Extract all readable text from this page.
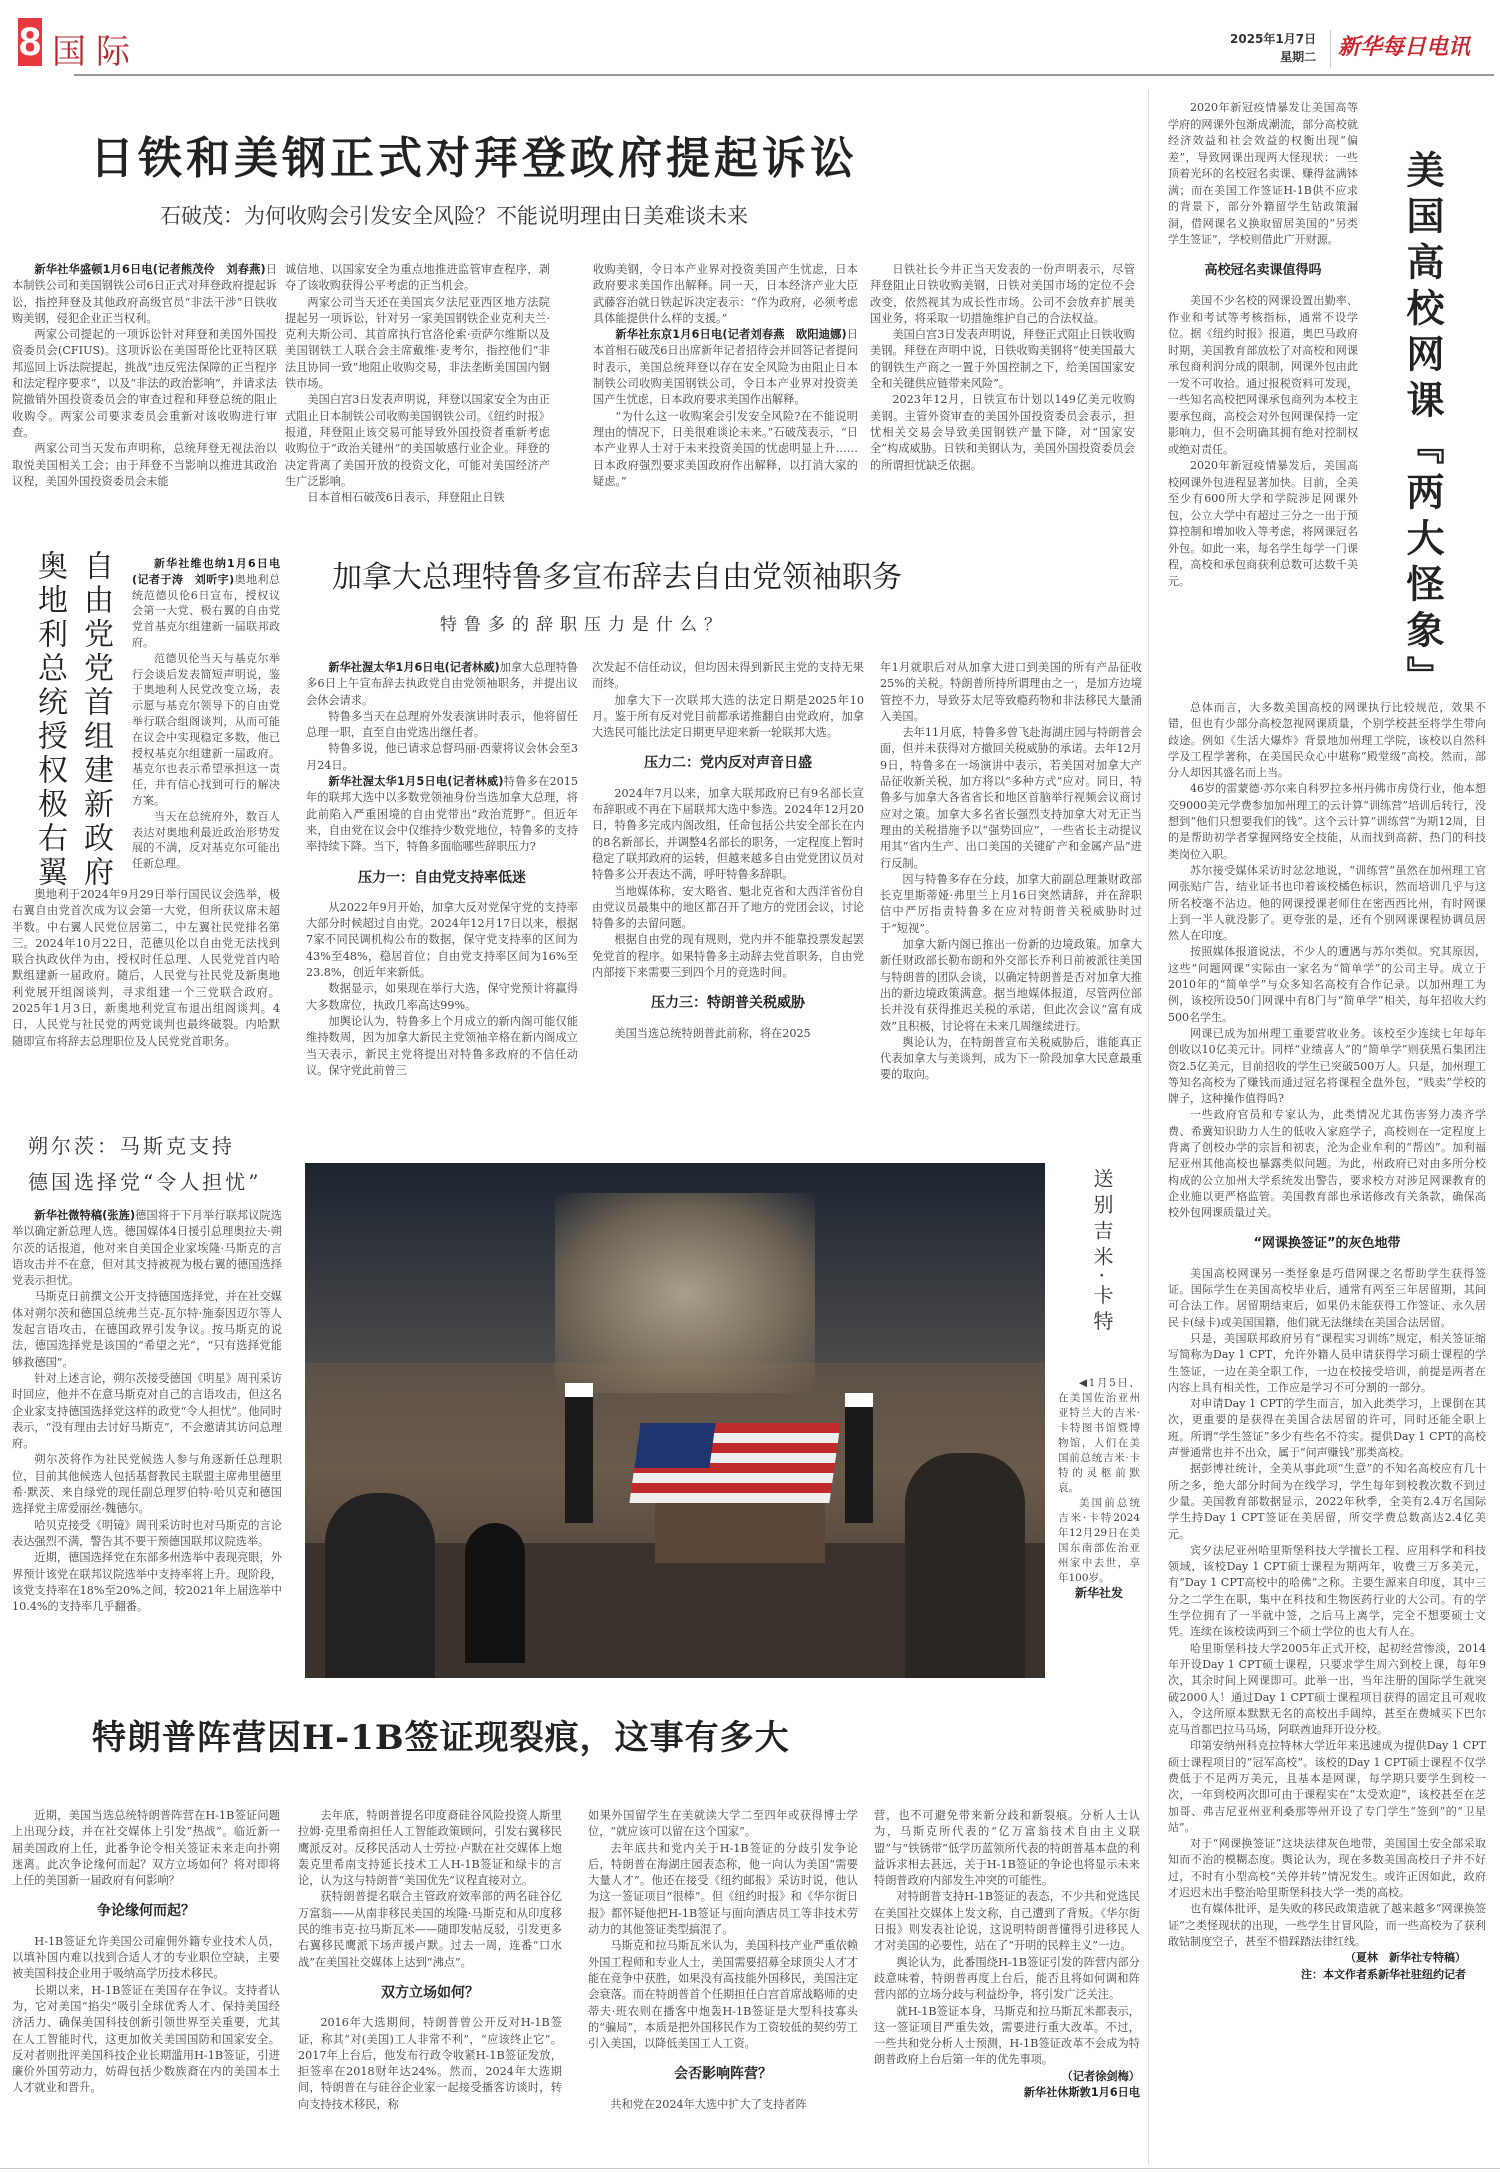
8 国际	2025年1月7日
星期二 新华每日电讯
日铁和美钢正式对拜登政府提起诉讼
石破茂：为何收购会引发安全风险？不能说明理由日美难谈未来

新华社华盛顿1月6日电(记者熊茂伶　刘春燕)日本制铁公司和美国钢铁公司6日正式对拜登政府提起诉讼，指控拜登及其他政府高级官员“非法干涉”日铁收购美钢，侵犯企业正当权利。

两家公司提起的一项诉讼针对拜登和美国外国投资委员会(CFIUS)。这项诉讼在美国哥伦比亚特区联邦巡回上诉法院提起，挑战“违反宪法保障的正当程序和法定程序要求”，以及“非法的政治影响”，并请求法院撤销外国投资委员会的审查过程和拜登总统的阻止收购令。两家公司要求委员会重新对该收购进行审查。

两家公司当天发布声明称，总统拜登无视法治以取悦美国相关工会；由于拜登不当影响以推进其政治议程，美国外国投资委员会未能

诚信地、以国家安全为重点地推进监管审查程序，剥夺了该收购获得公平考虑的正当机会。

两家公司当天还在美国宾夕法尼亚西区地方法院提起另一项诉讼，针对另一家美国钢铁企业克利夫兰·克利夫斯公司、其首席执行官洛伦索·贡萨尔维斯以及美国钢铁工人联合会主席戴维·麦考尔，指控他们“非法且协同一致”地阻止收购交易，非法垄断美国国内钢铁市场。

美国白宫3日发表声明说，拜登以国家安全为由正式阻止日本制铁公司收购美国钢铁公司。《纽约时报》报道，拜登阻止该交易可能导致外国投资者重新考虑收购位于“政治关键州”的美国敏感行业企业。拜登的决定背离了美国开放的投资文化，可能对美国经济产生广泛影响。

日本首相石破茂6日表示，拜登阻止日铁

收购美钢，令日本产业界对投资美国产生忧虑，日本政府要求美国作出解释。同一天，日本经济产业大臣武藤容治就日铁起诉决定表示：“作为政府，必须考虑具体能提供什么样的支援。”

新华社东京1月6日电(记者刘春燕　欧阳迪娜)日本首相石破茂6日出席新年记者招待会并回答记者提问时表示，美国总统拜登以存在安全风险为由阻止日本制铁公司收购美国钢铁公司，令日本产业界对投资美国产生忧虑，日本政府要求美国作出解释。

“为什么这一收购案会引发安全风险?在不能说明理由的情况下，日美很难谈论未来。”石破茂表示，“日本产业界人士对于未来投资美国的忧虑明显上升……日本政府强烈要求美国政府作出解释，以打消大家的疑虑。”

日铁社长今井正当天发表的一份声明表示，尽管拜登阻止日铁收购美钢，日铁对美国市场的定位不会改变，依然视其为成长性市场。公司不会放弃扩展美国业务，将采取一切措施维护自己的合法权益。

美国白宫3日发表声明说，拜登正式阻止日铁收购美钢。拜登在声明中说，日铁收购美钢将“使美国最大的钢铁生产商之一置于外国控制之下，给美国国家安全和关键供应链带来风险”。

2023年12月，日铁宣布计划以149亿美元收购美钢。主管外资审查的美国外国投资委员会表示，担忧相关交易会导致美国钢铁产量下降，对“国家安全”构成威胁。日铁和美钢认为，美国外国投资委员会的所谓担忧缺乏依据。

奥地利总统授权极右翼 自由党党首组建新政府	新华社维也纳1月6日电(记者于涛　刘昕宇)奥地利总统范德贝伦6日宣布，授权议会第一大党、极右翼的自由党党首基克尔组建新一届联邦政府。

范德贝伦当天与基克尔举行会谈后发表简短声明说，鉴于奥地利人民党改变立场，表示愿与基克尔领导下的自由党举行联合组阁谈判，从而可能在议会中实现稳定多数，他已授权基克尔组建新一届政府。基克尔也表示希望承担这一责任，并有信心找到可行的解决方案。

当天在总统府外，数百人表达对奥地利最近政治形势发展的不满，反对基克尔可能出任新总理。

奥地利于2024年9月29日举行国民议会选举，极右翼自由党首次成为议会第一大党，但所获议席未超半数。中右翼人民党位居第二，中左翼社民党排名第三。2024年10月22日，范德贝伦以自由党无法找到联合执政伙伴为由，授权时任总理、人民党党首内哈默组建新一届政府。随后，人民党与社民党及新奥地利党展开组阁谈判，寻求组建一个三党联合政府。2025年1月3日，新奥地利党宣布退出组阁谈判。4日，人民党与社民党的两党谈判也最终破裂。内哈默随即宣布将辞去总理职位及人民党党首职务。

加拿大总理特鲁多宣布辞去自由党领袖职务
特鲁多的辞职压力是什么？

新华社渥太华1月6日电(记者林威)加拿大总理特鲁多6日上午宣布辞去执政党自由党领袖职务，并提出议会休会请求。

特鲁多当天在总理府外发表演讲时表示，他将留任总理一职，直至自由党选出继任者。

特鲁多说，他已请求总督玛丽·西蒙将议会休会至3月24日。

新华社渥太华1月5日电(记者林威)特鲁多在2015年的联邦大选中以多数党领袖身份当选加拿大总理，将此前陷入严重困境的自由党带出“政治荒野”。但近年来，自由党在议会中仅维持少数党地位，特鲁多的支持率持续下降。当下，特鲁多面临哪些辞职压力?

压力一：自由党支持率低迷

从2022年9月开始，加拿大反对党保守党的支持率大部分时候超过自由党。2024年12月17日以来，根据7家不同民调机构公布的数据，保守党支持率的区间为43%至48%，稳居首位；自由党支持率区间为16%至23.8%，创近年来新低。

数据显示，如果现在举行大选，保守党预计将赢得大多数席位，执政几率高达99%。

加舆论认为，特鲁多上个月成立的新内阁可能仅能维持数周，因为加拿大新民主党领袖辛格在新内阁成立当天表示，新民主党将提出对特鲁多政府的不信任动议。保守党此前曾三

次发起不信任动议，但均因未得到新民主党的支持无果而终。

加拿大下一次联邦大选的法定日期是2025年10月。鉴于所有反对党目前都承诺推翻自由党政府，加拿大选民可能比法定日期更早迎来新一轮联邦大选。

压力二：党内反对声音日盛

2024年7月以来，加拿大联邦政府已有9名部长宣布辞职或不再在下届联邦大选中参选。2024年12月20日，特鲁多完成内阁改组，任命包括公共安全部长在内的8名新部长，并调整4名部长的职务，一定程度上暂时稳定了联邦政府的运转，但越来越多自由党党团议员对特鲁多公开表达不满，呼吁特鲁多辞职。

当地媒体称，安大略省、魁北克省和大西洋省份自由党议员最集中的地区都召开了地方的党团会议，讨论特鲁多的去留问题。

根据自由党的现有规则，党内并不能靠投票发起罢免党首的程序。如果特鲁多主动辞去党首职务，自由党内部接下来需要三到四个月的竞选时间。

压力三：特朗普关税威胁

美国当选总统特朗普此前称，将在2025

年1月就职后对从加拿大进口到美国的所有产品征收25%的关税。特朗普所持所谓理由之一，是加方边境管控不力，导致芬太尼等致瘾药物和非法移民大量涌入美国。

去年11月底，特鲁多曾飞赴海湖庄园与特朗普会面，但并未获得对方撤回关税威胁的承诺。去年12月9日，特鲁多在一场演讲中表示，若美国对加拿大产品征收新关税，加方将以“多种方式”应对。同日，特鲁多与加拿大各省省长和地区首脑举行视频会议商讨应对之策。加拿大多名省长强烈支持加拿大对无正当理由的关税措施予以“强势回应”，一些省长主动提议用其“省内生产、出口美国的关键矿产和金属产品”进行反制。

因与特鲁多存在分歧，加拿大前副总理兼财政部长克里斯蒂娅·弗里兰上月16日突然请辞，并在辞职信中严厉指责特鲁多在应对特朗普关税威胁时过于“短视”。

加拿大新内阁已推出一份新的边境政策。加拿大新任财政部长勒布朗和外交部长乔利日前被派往美国与特朗普的团队会谈，以确定特朗普是否对加拿大推出的新边境政策满意。据当地媒体报道，尽管两位部长并没有获得推迟关税的承诺，但此次会议“富有成效”且积极，讨论将在未来几周继续进行。

舆论认为，在特朗普宣布关税威胁后，谁能真正代表加拿大与美谈判，成为下一阶段加拿大民意最重要的取向。

朔尔茨：马斯克支持
德国选择党“令人担忧”

新华社微特稿(张旌)德国将于下月举行联邦议院选举以确定新总理人选。德国媒体4日援引总理奥拉夫·朔尔茨的话报道，他对来自美国企业家埃隆·马斯克的言语攻击并不在意，但对其支持被视为极右翼的德国选择党表示担忧。

马斯克日前撰文公开支持德国选择党，并在社交媒体对朔尔茨和德国总统弗兰克-瓦尔特·施泰因迈尔等人发起言语攻击，在德国政界引发争议。按马斯克的说法，德国选择党是该国的“希望之光”，“只有选择党能够救德国”。

针对上述言论，朔尔茨接受德国《明星》周刊采访时回应，他并不在意马斯克对自己的言语攻击，但这名企业家支持德国选择党这样的政党“令人担忧”。他同时表示，“没有理由去讨好马斯克”，不会邀请其访问总理府。

朔尔茨将作为社民党候选人参与角逐新任总理职位，目前其他候选人包括基督教民主联盟主席弗里德里希·默茨、来自绿党的现任副总理罗伯特·哈贝克和德国选择党主席爱丽丝·魏德尔。

哈贝克接受《明镜》周刊采访时也对马斯克的言论表达强烈不满，警告其不要干预德国联邦议院选举。

近期，德国选择党在东部多州选举中表现亮眼，外界预计该党在联邦议院选举中支持率将上升。现阶段，该党支持率在18%至20%之间，较2021年上届选举中10.4%的支持率几乎翻番。

送别吉米·卡特

◀1月5日，在美国佐治亚州亚特兰大的吉米·卡特图书馆暨博物馆，人们在美国前总统吉米·卡特的灵柩前默哀。

美国前总统吉米·卡特2024年12月29日在美国东南部佐治亚州家中去世，享年100岁。

新华社发

美国高校网课『两大怪象』

2020年新冠疫情暴发让美国高等学府的网课外包渐成潮流，部分高校就经济效益和社会效益的权衡出现“偏差”，导致网课出现两大怪现状：一些顶着光环的名校冠名卖课、赚得盆满钵满；而在美国工作签证H-1B供不应求的背景下，部分外籍留学生钻政策漏洞，借网课名义换取留居美国的“另类学生签证”，学校则借此广开财源。

高校冠名卖课值得吗

美国不少名校的网课设置出勤率、作业和考试等考核指标，通常不设学位。据《纽约时报》报道，奥巴马政府时期，美国教育部放松了对高校和网课承包商利润分成的限制，网课外包由此一发不可收拾。通过报税资料可发现，一些知名高校把网课承包商列为本校主要承包商，高校会对外包网课保持一定影响力，但不会明确其拥有绝对控制权或绝对责任。

2020年新冠疫情暴发后，美国高校网课外包进程显著加快。目前，全美至少有600所大学和学院涉足网课外包，公立大学中有超过三分之一出于预算控制和增加收入等考虑，将网课冠名外包。如此一来，每名学生每学一门课程，高校和承包商获利总数可达数千美元。

总体而言，大多数美国高校的网课执行比较规范，效果不错，但也有少部分高校忽视网课质量，个别学校甚至将学生带向歧途。例如《生活大爆炸》背景地加州理工学院，该校以自然科学及工程学著称，在美国民众心中堪称“殿堂级”高校。然而，部分人却因其盛名而上当。

46岁的雷蒙德·苏尔来自科罗拉多州丹佛市房贷行业，他本想交9000美元学费参加加州理工的云计算“训练营”培训后转行，没想到“他们只想要我们的钱”。这个云计算“训练营”为期12周，目的是帮助初学者掌握网络安全技能，从而找到高薪、热门的科技类岗位入职。

苏尔接受媒体采访时忿忿地说，“训练营”虽然在加州理工官网张贴广告，结业证书也印着该校橘色标识，然而培训几乎与这所名校毫不沾边。他的网课授课老师住在密西西比州，有时网课上到一半人就没影了。更夸张的是，还有个别网课课程协调员居然人在印度。

按照媒体报道说法，不少人的遭遇与苏尔类似。究其原因，这些“问题网课”实际由一家名为“简单学”的公司主导。成立于2010年的“简单学”与众多知名高校有合作记录。以加州理工为例，该校所设50门网课中有8门与“简单学”相关，每年招收大约500名学生。

网课已成为加州理工重要营收业务。该校至少连续七年每年创收以10亿美元计。同样“业绩喜人”的“简单学”则获黑石集团注资2.5亿美元，目前招收的学生已突破500万人。只是，加州理工等知名高校为了赚钱而通过冠名将课程全盘外包，“贱卖”学校的牌子，这种操作值得吗?

一些政府官员和专家认为，此类情况尤其伤害努力凑齐学费、希冀知识助力人生的低收入家庭学子，高校则在一定程度上背离了创校办学的宗旨和初衷，沦为企业牟利的“帮凶”。加利福尼亚州其他高校也暴露类似问题。为此，州政府已对由多所分校构成的公立加州大学系统发出警告，要求校方对涉足网课教育的企业施以更严格监管。美国教育部也承诺修改有关条款，确保高校外包网课质量过关。

“网课换签证”的灰色地带

美国高校网课另一类怪象是巧借网课之名帮助学生获得签证。国际学生在美国高校毕业后，通常有两至三年居留期，其间可合法工作。居留期结束后，如果仍未能获得工作签证、永久居民卡(绿卡)或美国国籍，他们就无法继续在美国合法居留。

只是，美国联邦政府另有“课程实习训练”规定，相关签证缩写简称为Day 1 CPT，允许外籍人员申请获得学习硕士课程的学生签证，一边在美全职工作，一边在校接受培训，前提是两者在内容上具有相关性，工作应是学习不可分割的一部分。

对申请Day 1 CPT的学生而言，加入此类学习，上课倒在其次，更重要的是获得在美国合法居留的许可，同时还能全职上班。所谓“学生签证”多少有些名不符实。提供Day 1 CPT的高校声誉通常也并不出众，属于“问声赚钱”那类高校。

据彭博社统计，全美从事此项“生意”的不知名高校应有几十所之多，绝大部分时间为在线学习，学生每年到校教次数不到过少量。美国教育部数据显示，2022年秋季，全美有2.4万名国际学生持Day 1 CPT签证在美居留，所交学费总数高达2.4亿美元。

宾夕法尼亚州哈里斯堡科技大学擅长工程、应用科学和科技领域，该校Day 1 CPT硕士课程为期两年，收费三万多美元，有“Day 1 CPT高校中的哈佛”之称。主要生源来自印度，其中三分之二学生在职，集中在科技和生物医药行业的大公司。有的学生学位拥有了一半就中签，之后马上离学，完全不想要硕士文凭。连续在该校读两到三个硕士学位的也大有人在。

哈里斯堡科技大学2005年正式开校，起初经营惨淡，2014年开设Day 1 CPT硕士课程，只要求学生周六到校上课，每年9次，其余时间上网课即可。此举一出，当年注册的国际学生就突破2000人！通过Day 1 CPT硕士课程项目获得的固定且可观收入，令这所原本默默无名的高校出手阔绰，甚至在费城买下巴尔克马首都巴拉马马场，阿联酋迪拜开设分校。

印第安纳州科克拉特林大学近年来迅速成为提供Day 1 CPT硕士课程项目的“冠军高校”。该校的Day 1 CPT硕士课程不仅学费低于不足两万美元，且基本是网课，每学期只要学生到校一次，一年到校两次即可由于课程实在“太受欢迎”，该校甚至在芝加哥、弗吉尼亚州亚利桑那等州开设了专门学生“签到”的“卫星站”。

对于“网课换签证”这块法律灰色地带，美国国土安全部采取知而不治的模糊态度。舆论认为，现在多数美国高校日子并不好过，不时有小型高校“关停并转”情况发生。或许正因如此，政府才迟迟未出手整治哈里斯堡科技大学一类的高校。

也有媒体批评，是失败的移民政策造就了越来越多“网课换签证”之类怪现状的出现，一些学生甘冒风险，而一些高校为了获利敢钻制度空子，甚至不惜踩踏法律红线。

（夏林　新华社专特稿）

注：本文作者系新华社驻纽约记者

特朗普阵营因H-1B签证现裂痕，这事有多大

近期，美国当选总统特朗普阵营在H-1B签证问题上出现分歧，并在社交媒体上引发“热战”。临近新一届美国政府上任，此番争论令相关签证未来走向扑朔迷离。此次争论缘何而起？双方立场如何？将对即将上任的美国新一届政府有何影响？

争论缘何而起？

H-1B签证允许美国公司雇佣外籍专业技术人员，以填补国内难以找到合适人才的专业职位空缺，主要被美国科技企业用于吸纳高学历技术移民。

长期以来，H-1B签证在美国存在争议。支持者认为，它对美国“掐尖”吸引全球优秀人才、保持美国经济活力、确保美国科技创新引领世界至关重要，尤其在人工智能时代，这更加攸关美国国防和国家安全。反对者则批评美国科技企业长期滥用H-1B签证，引进廉价外国劳动力，妨碍包括少数族裔在内的美国本土人才就业和晋升。

去年底，特朗普提名印度裔硅谷风险投资人斯里拉姆·克里希南担任人工智能政策顾问，引发右翼移民鹰派反对。反移民活动人士劳拉·卢默在社交媒体上炮轰克里希南支持延长技术工人H-1B签证和绿卡的言论，认为这与特朗普“美国优先”议程直接对立。

获特朗普提名联合主管政府效率部的两名硅谷亿万富翁——从南非移民美国的埃隆·马斯克和从印度移民的维韦克·拉马斯瓦米——随即发帖反驳，引发更多右翼移民鹰派下场声援卢默。过去一周，连番“口水战”在美国社交媒体上达到“沸点”。

双方立场如何？

2016年大选期间，特朗普曾公开反对H-1B签证，称其“对(美国)工人非常不利”，“应该终止它”。2017年上台后，他发布行政令收紧H-1B签证发放，拒签率在2018财年达24%。然而，2024年大选期间，特朗普在与硅谷企业家一起接受播客访谈时，转向支持技术移民，称

如果外国留学生在美就读大学二至四年或获得博士学位，“就应该可以留在这个国家”。

去年底共和党内关于H-1B签证的分歧引发争论后，特朗普在海湖庄园表态称，他一向认为美国“需要大量人才”。他还在接受《纽约邮报》采访时说，他认为这一签证项目“很棒”。但《纽约时报》和《华尔街日报》都怀疑他把H-1B签证与面向酒店员工等非技术劳动力的其他签证类型搞混了。

马斯克和拉马斯瓦米认为，美国科技产业严重依赖外国工程师和专业人士，美国需要招募全球顶尖人才才能在竞争中获胜，如果没有高技能外国移民，美国注定会衰落。而在特朗普首个任期担任白宫首席战略师的史蒂夫·班农则在播客中炮轰H-1B签证是大型科技寡头的“骗局”，本质是把外国移民作为工资较低的契约劳工引入美国，以降低美国工人工资。

会否影响阵营？

共和党在2024年大选中扩大了支持者阵

营，也不可避免带来新分歧和新裂痕。分析人士认为，马斯克所代表的“亿万富翁技术自由主义联盟”与“铁锈带”低学历蓝领所代表的特朗普基本盘的利益诉求相去甚远，关于H-1B签证的争论也将显示未来特朗普政府内部发生冲突的可能性。

对特朗普支持H-1B签证的表态，不少共和党选民在美国社交媒体上发文称，自己遭到了背叛。《华尔街日报》则发表社论说，这说明特朗普懂得引进移民人才对美国的必要性，站在了“开明的民粹主义”一边。

舆论认为，此番围绕H-1B签证引发的阵营内部分歧意味着，特朗普再度上台后，能否且将如何调和阵营内部的立场分歧与利益纷争，将引发广泛关注。

就H-1B签证本身，马斯克和拉马斯瓦米都表示，这一签证项目严重失效，需要进行重大改革。不过，一些共和党分析人士预测，H-1B签证改革不会成为特朗普政府上台后第一年的优先事项。

（记者徐剑梅）

新华社休斯敦1月6日电
